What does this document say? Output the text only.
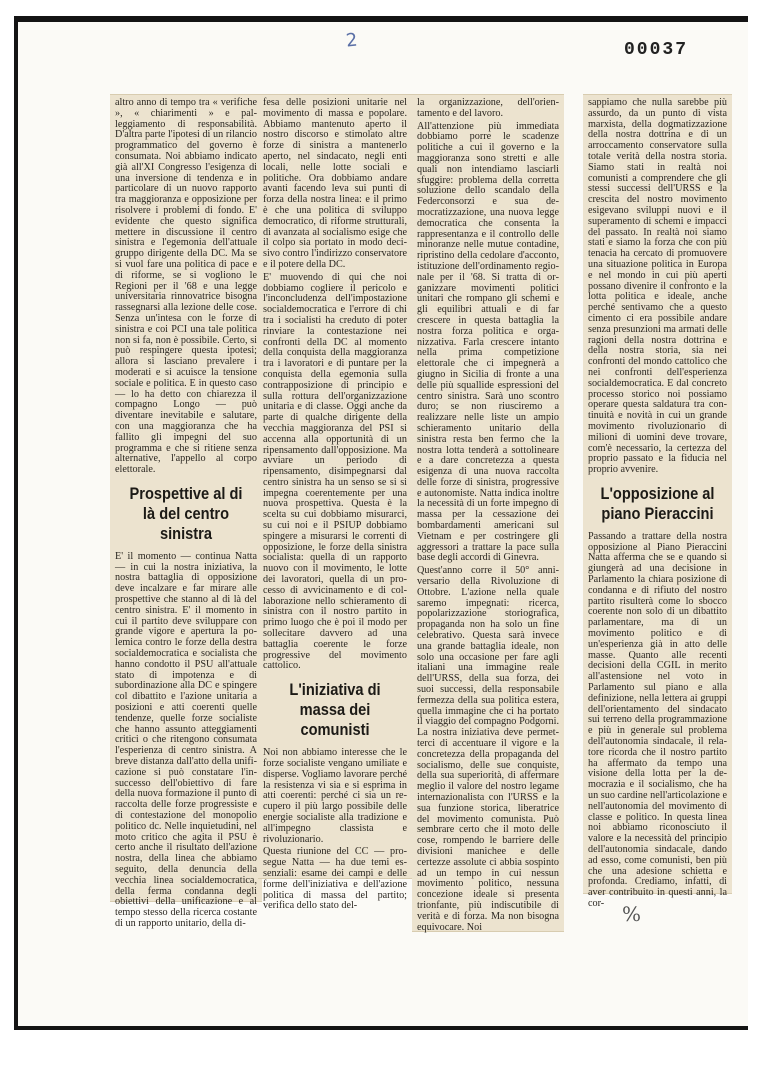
2	00037

altro anno di tempo tra « verifiche », « chiarimenti » e palleggiamento di responsabilità. D'altra parte l'ipotesi di un rilancio programmatico del governo è consumata. Noi abbiamo indicato già all'XI Congresso l'esigenza di una inversione di tendenza e in particolare di un nuovo rapporto tra maggioranza e opposizione per risolvere i problemi di fondo. E' evidente che questo significa mettere in discussione il centro sinistra e l'egemonia dell'attuale gruppo dirigente della DC. Ma se si vuol fare una politica di pace e di riforme, se si vogliono le Regioni per il '68 e una legge universitaria rinnovatrice bisogna rassegnarsi alla lezione delle cose. Senza un'intesa con le forze di sinistra e coi PCI una tale politica non si fa, non è possibile. Certo, si può respingere questa ipotesi; allora si lasciano prevalere i moderati e si acuisce la tensione sociale e politica. E in questo caso — lo ha detto con chiarezza il compagno Longo — può diventare inevitabile e salutare, con una maggioranza che ha fallito gli impegni del suo programma e che si ritiene senza alternative, l'appello al corpo elettorale.

Prospettive al di là del centro sinistra

E' il momento — continua Natta — in cui la nostra iniziativa, la nostra battaglia di opposizione deve incalzare e far mirare alle prospettive che stanno al di là del centro sinistra. E' il momento in cui il partito deve sviluppare con grande vigore e apertura la polemica contro le forze della destra socialdemocratica e socialista che hanno condotto il PSU all'attuale stato di impotenza e di subordinazione alla DC e spingere col dibattito e l'azione unitaria a posizioni e atti coerenti quelle tendenze, quelle forze socialiste che hanno assunto atteggiamenti critici o che ritengono consumata l'esperienza di centro sinistra. A breve distanza dall'atto della unificazione si può constatare l'insuccesso dell'obiettivo di fare della nuova formazione il punto di raccolta delle forze progressiste e di contestazione del monopolio politico dc. Nelle inquietudini, nel moto critico che agita il PSU è certo anche il risultato dell'azione nostra, della linea che abbiamo seguito, della denuncia della vecchia linea socialdemocratica, della ferma condanna degli obiettivi della unificazione e al tempo stesso della ricerca costante di un rapporto unitario, della di-

fesa delle posizioni unitarie nel movimento di massa e popolare. Abbiamo mantenuto aperto il nostro discorso e stimolato altre forze di sinistra a mantenerlo aperto, nel sindacato, negli enti locali, nelle lotte sociali e politiche. Ora dobbiamo andare avanti facendo leva sui punti di forza della nostra linea: e il primo è che una politica di sviluppo democratico, di riforme strutturali, di avanzata al socialismo esige che il colpo sia portato in modo decisivo contro l'indirizzo conservatore e il potere della DC.

E' muovendo di qui che noi dobbiamo cogliere il pericolo e l'inconcludenza dell'impostazione socialdemocratica e l'errore di chi tra i socialisti ha creduto di poter rinviare la contestazione nei confronti della DC al momento della conquista della maggioranza tra i lavoratori e di puntare per la conquista della egemonia sulla contrapposizione di principio e sulla rottura dell'organizzazione unitaria e di classe. Oggi anche da parte di qualche dirigente della vecchia maggioranza del PSI si accenna alla opportunità di un ripensamento dall'opposizione. Ma avviare un periodo di ripensamento, disimpegnarsi dal centro sinistra ha un senso se si si impegna coerentemente per una nuova prospettiva. Questa è la scelta su cui dobbiamo misurarci, su cui noi e il PSIUP dobbiamo spingere a misurarsi le correnti di opposizione, le forze della sinistra socialista: quella di un rapporto nuovo con il movimento, le lotte dei lavoratori, quella di un processo di avvicinamento e di collaborazione nello schieramento di sinistra con il nostro partito in primo luogo che è poi il modo per sollecitare davvero ad una battaglia coerente le forze progressive del movimento cattolico.

L'iniziativa di massa dei comunisti

Noi non abbiamo interesse che le forze socialiste vengano umiliate e disperse. Vogliamo lavorare perché la resistenza vi sia e si esprima in atti coerenti: perché ci sia un recupero il più largo possibile delle energie socialiste alla tradizione e all'impegno classista e rivoluzionario.

Questa riunione del CC — prosegue Natta — ha due temi essenziali: esame dei campi e delle forme dell'iniziativa e dell'azione politica di massa del partito; verifica dello stato del-

la organizzazione, dell'orientamento e del lavoro.

All'attenzione più immediata dobbiamo porre le scadenze politiche a cui il governo e la maggioranza sono stretti e alle quali non intendiamo lasciarli sfuggire: problema della corretta soluzione dello scandalo della Federconsorzi e sua democratizzazione, una nuova legge democratica che consenta la rappresentanza e il controllo delle minoranze nelle mutue contadine, ripristino della cedolare d'acconto, istituzione dell'ordinamento regionale per il '68. Si tratta di organizzare movimenti politici unitari che rompano gli schemi e gli equilibri attuali e di far crescere in questa battaglia la nostra forza politica e organizzativa. Farla crescere intanto nella prima competizione elettorale che ci impegnerà a giugno in Sicilia di fronte a una delle più squallide espressioni del centro sinistra. Sarà uno scontro duro; se non riusciremo a realizzare nelle liste un ampio schieramento unitario della sinistra resta ben fermo che la nostra lotta tenderà a sottolineare e a dare concretezza a questa esigenza di una nuova raccolta delle forze di sinistra, progressive e autonomiste. Natta indica inoltre la necessità di un forte impegno di massa per la cessazione dei bombardamenti americani sul Vietnam e per costringere gli aggressori a trattare la pace sulla base degli accordi di Ginevra.

Quest'anno corre il 50° anniversario della Rivoluzione di Ottobre. L'azione nella quale saremo impegnati: ricerca, popolarizzazione storiografica, propaganda non ha solo un fine celebrativo. Questa sarà invece una grande battaglia ideale, non solo una occasione per fare agli italiani una immagine reale dell'URSS, della sua forza, dei suoi successi, della responsabile fermezza della sua politica estera, quella immagine che ci ha portato il viaggio del compagno Podgorni. La nostra iniziativa deve permetterci di accentuare il vigore e la concretezza della propaganda del socialismo, delle sue conquiste, della sua superiorità, di affermare meglio il valore del nostro legame internazionalista con l'URSS e la sua funzione storica, liberatrice del movimento comunista. Può sembrare certo che il moto delle cose, rompendo le barriere delle divisioni manichee e delle certezze assolute ci abbia sospinto ad un tempo in cui nessun movimento politico, nessuna concezione ideale si presenta trionfante, più indiscutibile di verità e di forza. Ma non bisogna equivocare. Noi

sappiamo che nulla sarebbe più assurdo, da un punto di vista marxista, della dogmatizzazione della nostra dottrina e di un arroccamento conservatore sulla totale verità della nostra storia. Siamo stati in realtà noi comunisti a comprendere che gli stessi successi dell'URSS e la crescita del nostro movimento esigevano sviluppi nuovi e il superamento di schemi e impacci del passato. In realtà noi siamo stati e siamo la forza che con più tenacia ha cercato di promuovere una situazione politica in Europa e nel mondo in cui più aperti possano divenire il confronto e la lotta politica e ideale, anche perché sentivamo che a questo cimento ci era possibile andare senza presunzioni ma armati delle ragioni della nostra dottrina e della nostra storia, sia nei confronti del mondo cattolico che nei confronti dell'esperienza socialdemocratica. E dal concreto processo storico noi possiamo operare questa saldatura tra continuità e novità in cui un grande movimento rivoluzionario di milioni di uomini deve trovare, com'è necessario, la certezza del proprio passato e la fiducia nel proprio avvenire.

L'opposizione al piano Pieraccini

Passando a trattare della nostra opposizione al Piano Pieraccini Natta afferma che se e quando si giungerà ad una decisione in Parlamento la chiara posizione di condanna e di rifiuto del nostro partito risulterà come lo sbocco coerente non solo di un dibattito parlamentare, ma di un movimento politico e di un'esperienza già in atto delle masse. Quanto alle recenti decisioni della CGIL in merito all'astensione nel voto in Parlamento sul piano e alla definizione, nella lettera ai gruppi dell'orientamento del sindacato sui terreno della programmazione e più in generale sul problema dell'autonomia sindacale, il relatore ricorda che il nostro partito ha affermato da tempo una visione della lotta per la democrazia e il socialismo, che ha un suo cardine nell'articolazione e nell'autonomia del movimento di classe e politico. In questa linea noi abbiamo riconosciuto il valore e la necessità del principio dell'autonomia sindacale, dando ad esso, come comunisti, ben più che una adesione schietta e profonda. Crediamo, infatti, di aver contribuito in questi anni, la cor- %
